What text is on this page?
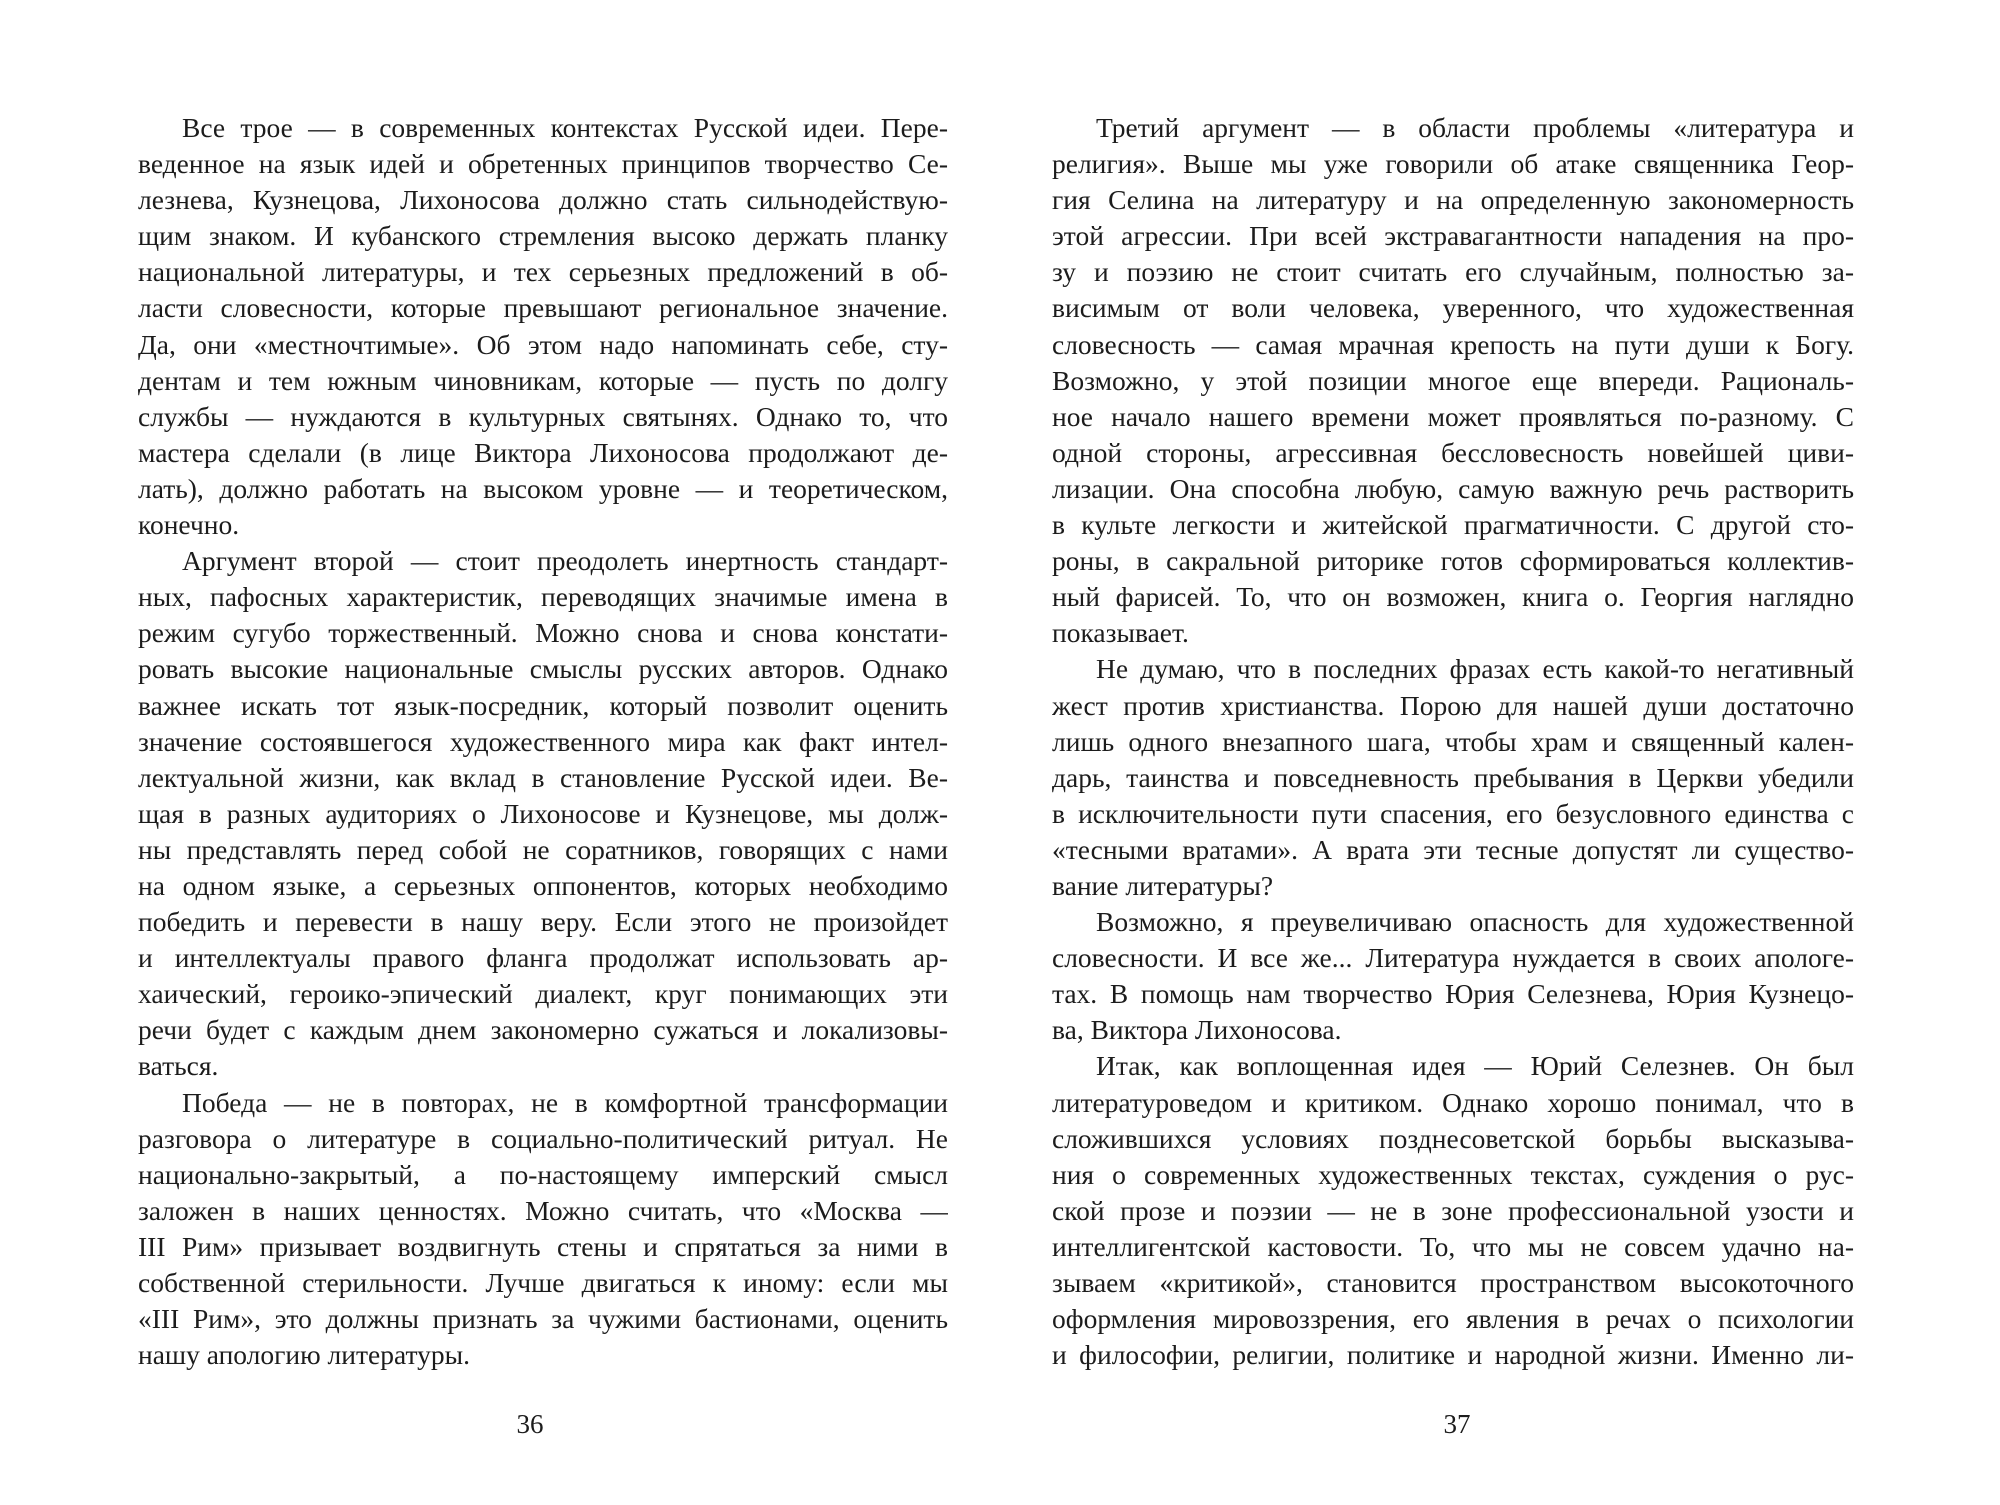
Все трое — в современных контекстах Русской идеи. Пере-
веденное на язык идей и обретенных принципов творчество Се-
лезнева, Кузнецова, Лихоносова должно стать сильнодействую-
щим знаком. И кубанского стремления высоко держать планку
национальной литературы, и тех серьезных предложений в об-
ласти словесности, которые превышают региональное значение.
Да, они «местночтимые». Об этом надо напоминать себе, сту-
дентам и тем южным чиновникам, которые — пусть по долгу
службы — нуждаются в культурных святынях. Однако то, что
мастера сделали (в лице Виктора Лихоносова продолжают де-
лать), должно работать на высоком уровне — и теоретическом,
конечно.
Аргумент второй — стоит преодолеть инертность стандарт-
ных, пафосных характеристик, переводящих значимые имена в
режим сугубо торжественный. Можно снова и снова констати-
ровать высокие национальные смыслы русских авторов. Однако
важнее искать тот язык-посредник, который позволит оценить
значение состоявшегося художественного мира как факт интел-
лектуальной жизни, как вклад в становление Русской идеи. Ве-
щая в разных аудиториях о Лихоносове и Кузнецове, мы долж-
ны представлять перед собой не соратников, говорящих с нами
на одном языке, а серьезных оппонентов, которых необходимо
победить и перевести в нашу веру. Если этого не произойдет
и интеллектуалы правого фланга продолжат использовать ар-
хаический, героико-эпический диалект, круг понимающих эти
речи будет с каждым днем закономерно сужаться и локализовы-
ваться.
Победа — не в повторах, не в комфортной трансформации
разговора о литературе в социально-политический ритуал. Не
национально-закрытый, а по-настоящему имперский смысл
заложен в наших ценностях. Можно считать, что «Москва —
III Рим» призывает воздвигнуть стены и спрятаться за ними в
собственной стерильности. Лучше двигаться к иному: если мы
«III Рим», это должны признать за чужими бастионами, оценить
нашу апологию литературы.
Третий аргумент — в области проблемы «литература и
религия». Выше мы уже говорили об атаке священника Геор-
гия Селина на литературу и на определенную закономерность
этой агрессии. При всей экстравагантности нападения на про-
зу и поэзию не стоит считать его случайным, полностью за-
висимым от воли человека, уверенного, что художественная
словесность — самая мрачная крепость на пути души к Богу.
Возможно, у этой позиции многое еще впереди. Рациональ-
ное начало нашего времени может проявляться по-разному. С
одной стороны, агрессивная бессловесность новейшей циви-
лизации. Она способна любую, самую важную речь растворить
в культе легкости и житейской прагматичности. С другой сто-
роны, в сакральной риторике готов сформироваться коллектив-
ный фарисей. То, что он возможен, книга о. Георгия наглядно
показывает.
Не думаю, что в последних фразах есть какой-то негативный
жест против христианства. Порою для нашей души достаточно
лишь одного внезапного шага, чтобы храм и священный кален-
дарь, таинства и повседневность пребывания в Церкви убедили
в исключительности пути спасения, его безусловного единства с
«тесными вратами». А врата эти тесные допустят ли существо-
вание литературы?
Возможно, я преувеличиваю опасность для художественной
словесности. И все же... Литература нуждается в своих апологе-
тах. В помощь нам творчество Юрия Селезнева, Юрия Кузнецо-
ва, Виктора Лихоносова.
Итак, как воплощенная идея — Юрий Селезнев. Он был
литературоведом и критиком. Однако хорошо понимал, что в
сложившихся условиях позднесоветской борьбы высказыва-
ния о современных художественных текстах, суждения о рус-
ской прозе и поэзии — не в зоне профессиональной узости и
интеллигентской кастовости. То, что мы не совсем удачно на-
зываем «критикой», становится пространством высокоточного
оформления мировоззрения, его явления в речах о психологии
и философии, религии, политике и народной жизни. Именно ли-
36	37
